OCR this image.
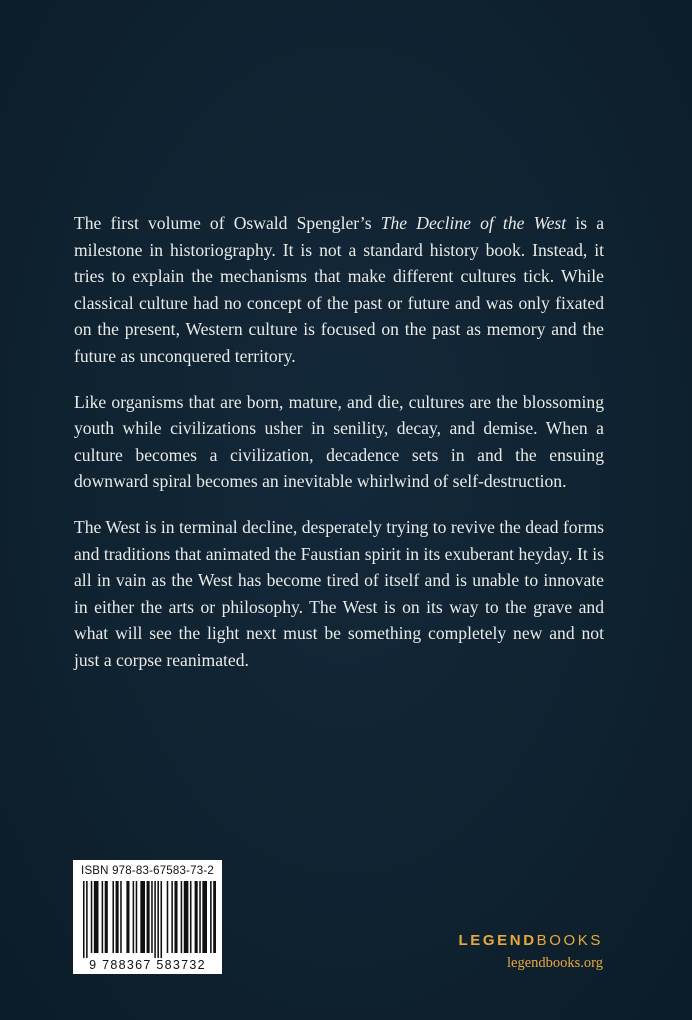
The first volume of Oswald Spengler’s The Decline of the West is a milestone in historiography. It is not a standard history book. Instead, it tries to explain the mechanisms that make different cultures tick. While classical culture had no concept of the past or future and was only fixated on the present, Western culture is focused on the past as memory and the future as unconquered territory.

Like organisms that are born, mature, and die, cultures are the blossoming youth while civilizations usher in senility, decay, and demise. When a culture becomes a civilization, decadence sets in and the ensuing downward spiral becomes an inevitable whirlwind of self-destruction.

The West is in terminal decline, desperately trying to revive the dead forms and traditions that animated the Faustian spirit in its exuberant heyday. It is all in vain as the West has become tired of itself and is unable to innovate in either the arts or philosophy. The West is on its way to the grave and what will see the light next must be something completely new and not just a corpse reanimated.

ISBN 978-83-67583-73-2
9 788367 583732
LEGENDBOOKS
legendbooks.org
